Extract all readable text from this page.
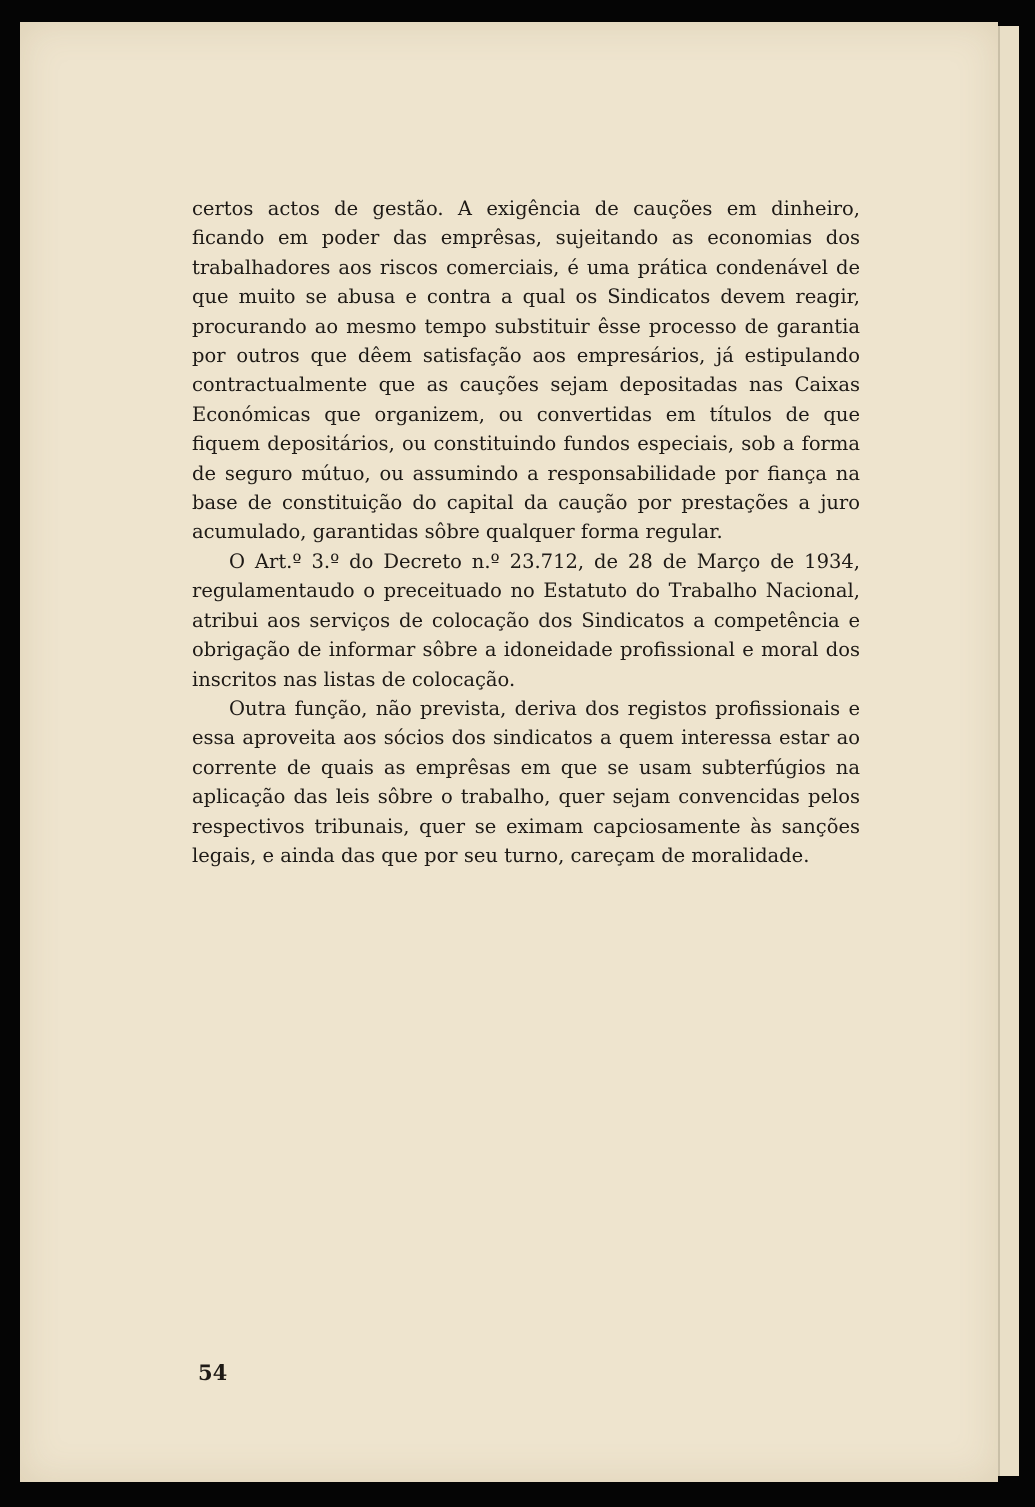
certos actos de gestão. A exigência de cauções em dinheiro, ficando em poder das emprêsas, sujeitando as economias dos trabalhadores aos riscos comerciais, é uma prática condenável de que muito se abusa e contra a qual os Sindicatos devem reagir, procurando ao mesmo tempo substituir êsse processo de garantia por outros que dêem satisfação aos empresários, já estipulando contractualmente que as cauções sejam depositadas nas Caixas Económicas que organizem, ou convertidas em títulos de que fiquem depositários, ou constituindo fundos especiais, sob a forma de seguro mútuo, ou assumindo a responsabilidade por fiança na base de constituição do capital da caução por prestações a juro acumulado, garantidas sôbre qualquer forma regular.

O Art.º 3.º do Decreto n.º 23.712, de 28 de Março de 1934, regulamentaudo o preceituado no Estatuto do Trabalho Nacional, atribui aos serviços de colocação dos Sindicatos a competência e obrigação de informar sôbre a idoneidade profissional e moral dos inscritos nas listas de colocação.

Outra função, não prevista, deriva dos registos profissionais e essa aproveita aos sócios dos sindicatos a quem interessa estar ao corrente de quais as emprêsas em que se usam subterfúgios na aplicação das leis sôbre o trabalho, quer sejam convencidas pelos respectivos tribunais, quer se eximam capciosamente às sanções legais, e ainda das que por seu turno, careçam de moralidade.

54
